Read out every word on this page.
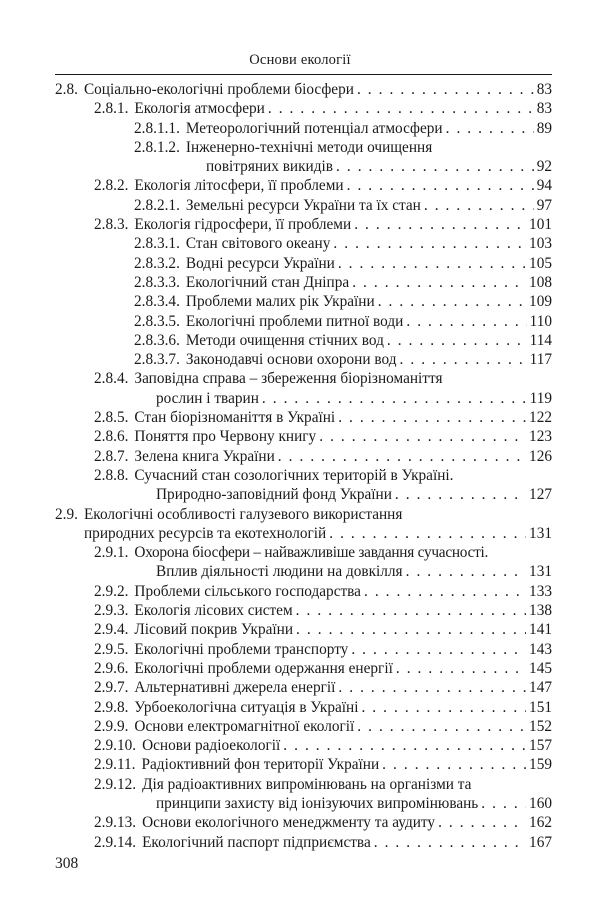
Основи екології
2.8. Соціально-екологічні проблеми біосфери . . .	83
2.8.1. Екологія атмосфери . . .	83
2.8.1.1. Метеорологічний потенціал атмосфери . . .	89
2.8.1.2. Інженерно-технічні методи очищення
повітряних викидів . . .	92
2.8.2. Екологія літосфери, її проблеми . . .	94
2.8.2.1. Земельні ресурси України та їх стан . . .	97
2.8.3. Екологія гідросфери, її проблеми . . .	101
2.8.3.1. Стан світового океану . . .	103
2.8.3.2. Водні ресурси України . . .	105
2.8.3.3. Екологічний стан Дніпра . . .	108
2.8.3.4. Проблеми малих рік України . . .	109
2.8.3.5. Екологічні проблеми питної води . . .	110
2.8.3.6. Методи очищення стічних вод . . .	114
2.8.3.7. Законодавчі основи охорони вод . . .	117
2.8.4. Заповідна справа – збереження біорізноманіття
рослин і тварин . . .	119
2.8.5. Стан біорізноманіття в Україні . . .	122
2.8.6. Поняття про Червону книгу . . .	123
2.8.7. Зелена книга України . . .	126
2.8.8. Сучасний стан созологічних територій в Україні.
Природно-заповідний фонд України . . .	127
2.9. Екологічні особливості галузевого використання
природних ресурсів та екотехнологій . . .	131
2.9.1. Охорона біосфери – найважливіше завдання сучасності.
Вплив діяльності людини на довкілля . . .	131
2.9.2. Проблеми сільського господарства . . .	133
2.9.3. Екологія лісових систем . . .	138
2.9.4. Лісовий покрив України . . .	141
2.9.5. Екологічні проблеми транспорту . . .	143
2.9.6. Екологічні проблеми одержання енергії . . .	145
2.9.7. Альтернативні джерела енергії . . .	147
2.9.8. Урбоекологічна ситуація в Україні . . .	151
2.9.9. Основи електромагнітної екології . . .	152
2.9.10. Основи радіоекології . . .	157
2.9.11. Радіоктивний фон території України . . .	159
2.9.12. Дія радіоактивних випромінювань на організми та
принципи захисту від іонізуючих випромінювань . . .	160
2.9.13. Основи екологічного менеджменту та аудиту . . .	162
2.9.14. Екологічний паспорт підприємства . . .	167
308
